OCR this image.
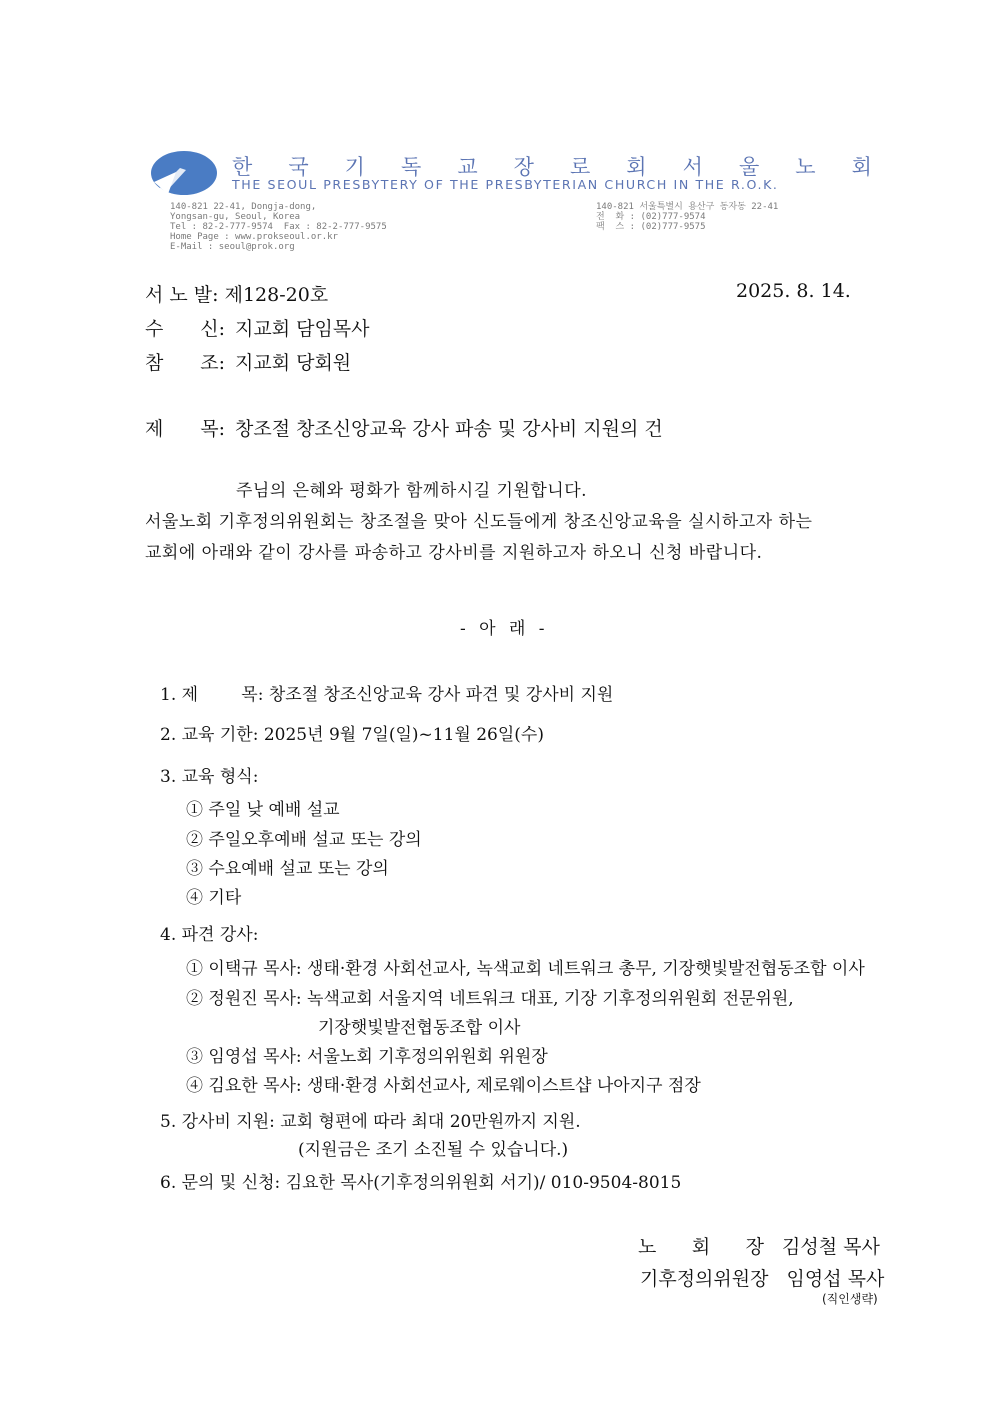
한 국 기 독 교 장 로 회 서 울 노 회
THE SEOUL PRESBYTERY OF THE PRESBYTERIAN CHURCH IN THE R.O.K.
140-821 22-41, Dongja-dong,
Yongsan-gu, Seoul, Korea
Tel : 82-2-777-9574  Fax : 82-2-777-9575
Home Page : www.prokseoul.or.kr
E-Mail : seoul@prok.org
140-821 서울특별시 용산구 동자동 22-41
전  화 : (02)777-9574
팩  스 : (02)777-9575
서 노 발: 제128-20호	2025. 8. 14.
수 신: 지교회 담임목사
참 조: 지교회 당회원
제 목: 창조절 창조신앙교육 강사 파송 및 강사비 지원의 건
주님의 은혜와 평화가 함께하시길 기원합니다.
서울노회 기후정의위원회는 창조절을 맞아 신도들에게 창조신앙교육을 실시하고자 하는
교회에 아래와 같이 강사를 파송하고 강사비를 지원하고자 하오니 신청 바랍니다.
- 아 래 -
1. 제        목: 창조절 창조신앙교육 강사 파견 및 강사비 지원
2. 교육 기한: 2025년 9월 7일(일)~11월 26일(수)
3. 교육 형식:
① 주일 낮 예배 설교
② 주일오후예배 설교 또는 강의
③ 수요예배 설교 또는 강의
④ 기타
4. 파견 강사:
① 이택규 목사: 생태·환경 사회선교사, 녹색교회 네트워크 총무, 기장햇빛발전협동조합 이사
② 정원진 목사: 녹색교회 서울지역 네트워크 대표, 기장 기후정의위원회 전문위원,
기장햇빛발전협동조합 이사
③ 임영섭 목사: 서울노회 기후정의위원회 위원장
④ 김요한 목사: 생태·환경 사회선교사, 제로웨이스트샵 나아지구 점장
5. 강사비 지원: 교회 형편에 따라 최대 20만원까지 지원.
(지원금은 조기 소진될 수 있습니다.)
6. 문의 및 신청: 김요한 목사(기후정의위원회 서기)/ 010-9504-8015
노 회 장 김성철 목사
기후정의위원장 임영섭 목사
(직인생략)
